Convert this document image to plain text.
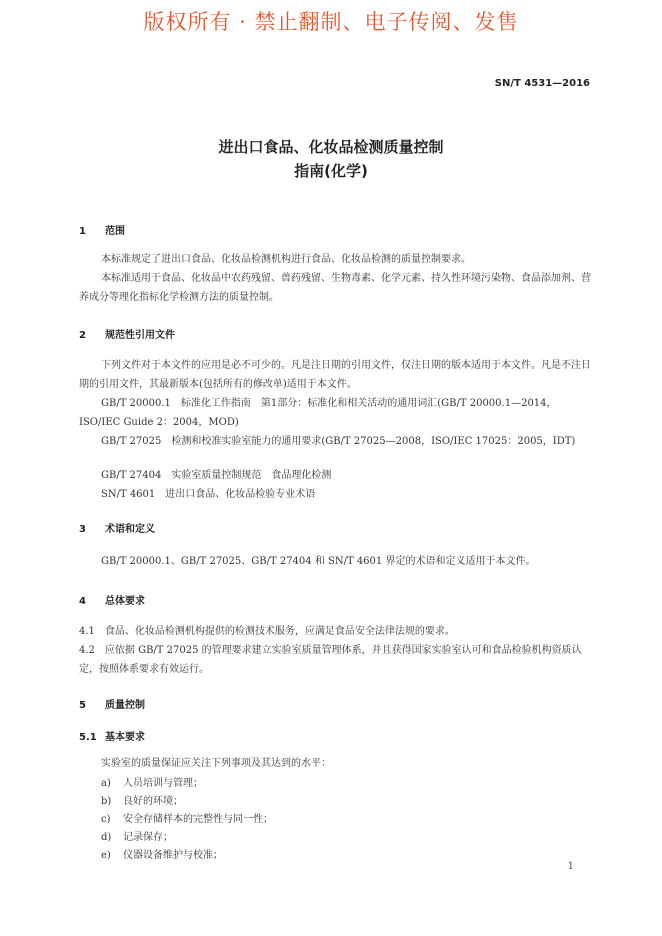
版权所有 · 禁止翻制、电子传阅、发售
SN/T 4531—2016
进出口食品、化妆品检测质量控制
指南(化学)
1 范围
本标准规定了进出口食品、化妆品检测机构进行食品、化妆品检测的质量控制要求。
本标准适用于食品、化妆品中农药残留、兽药残留、生物毒素、化学元素、持久性环境污染物、食品添加剂、营养成分等理化指标化学检测方法的质量控制。
2 规范性引用文件
下列文件对于本文件的应用是必不可少的。凡是注日期的引用文件，仅注日期的版本适用于本文件。凡是不注日期的引用文件，其最新版本(包括所有的修改单)适用于本文件。
GB/T 20000.1　标准化工作指南　第1部分：标准化和相关活动的通用词汇(GB/T 20000.1—2014，ISO/IEC Guide 2：2004，MOD)
GB/T 27025　检测和校准实验室能力的通用要求(GB/T 27025—2008，ISO/IEC 17025：2005，IDT)
GB/T 27404　实验室质量控制规范　食品理化检测
SN/T 4601　进出口食品、化妆品检验专业术语
3 术语和定义
GB/T 20000.1、GB/T 27025、GB/T 27404 和 SN/T 4601 界定的术语和定义适用于本文件。
4 总体要求
4.1　食品、化妆品检测机构提供的检测技术服务，应满足食品安全法律法规的要求。
4.2　应依据 GB/T 27025 的管理要求建立实验室质量管理体系，并且获得国家实验室认可和食品检验机构资质认定，按照体系要求有效运行。
5 质量控制
5.1 基本要求
实验室的质量保证应关注下列事项及其达到的水平：
a) 人员培训与管理；
b) 良好的环境；
c) 安全存储样本的完整性与同一性；
d) 记录保存；
e) 仪器设备维护与校准；
1
